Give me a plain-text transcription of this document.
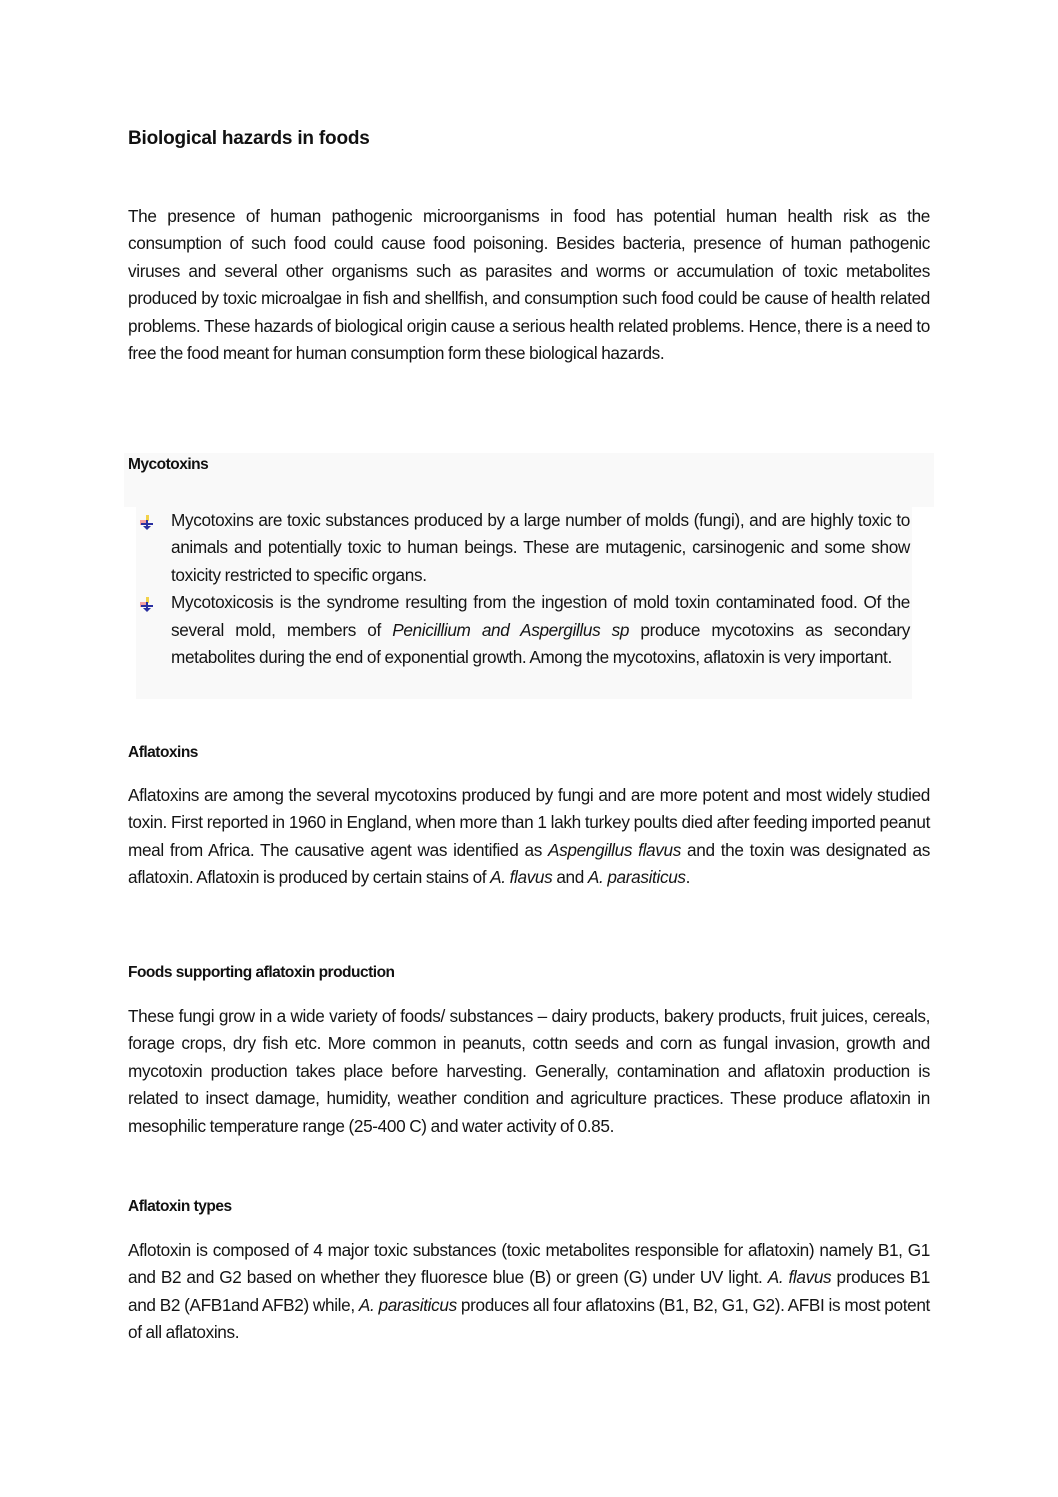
Biological hazards in foods

The presence of human pathogenic microorganisms in food has potential human health risk as the consumption of such food could cause food poisoning. Besides bacteria, presence of human pathogenic viruses and several other organisms such as parasites and worms or accumulation of toxic metabolites produced by toxic microalgae in fish and shellfish, and consumption such food could be cause of health related problems. These hazards of biological origin cause a serious health related problems. Hence, there is a need to free the food meant for human consumption form these biological hazards.

Mycotoxins
Mycotoxins are toxic substances produced by a large number of molds (fungi), and are highly toxic to animals and potentially toxic to human beings. These are mutagenic, carsinogenic and some show toxicity restricted to specific organs.
Mycotoxicosis is the syndrome resulting from the ingestion of mold toxin contaminated food. Of the several mold, members of Penicillium and Aspergillus sp produce mycotoxins as secondary metabolites during the end of exponential growth. Among the mycotoxins, aflatoxin is very important.
Aflatoxins

Aflatoxins are among the several mycotoxins produced by fungi and are more potent and most widely studied toxin. First reported in 1960 in England, when more than 1 lakh turkey poults died after feeding imported peanut meal from Africa. The causative agent was identified as Aspengillus flavus and the toxin was designated as aflatoxin. Aflatoxin is produced by certain stains of A. flavus and A. parasiticus.

Foods supporting aflatoxin production

These fungi grow in a wide variety of foods/ substances – dairy products, bakery products, fruit juices, cereals, forage crops, dry fish etc. More common in peanuts, cottn seeds and corn as fungal invasion, growth and mycotoxin production takes place before harvesting. Generally, contamination and aflatoxin production is related to insect damage, humidity, weather condition and agriculture practices. These produce aflatoxin in mesophilic temperature range (25-400 C) and water activity of 0.85.

Aflatoxin types

Aflotoxin is composed of 4 major toxic substances (toxic metabolites responsible for aflatoxin) namely B1, G1 and B2 and G2 based on whether they fluoresce blue (B) or green (G) under UV light. A. flavus produces B1 and B2 (AFB1and AFB2) while, A. parasiticus produces all four aflatoxins (B1, B2, G1, G2). AFBI is most potent of all aflatoxins.
